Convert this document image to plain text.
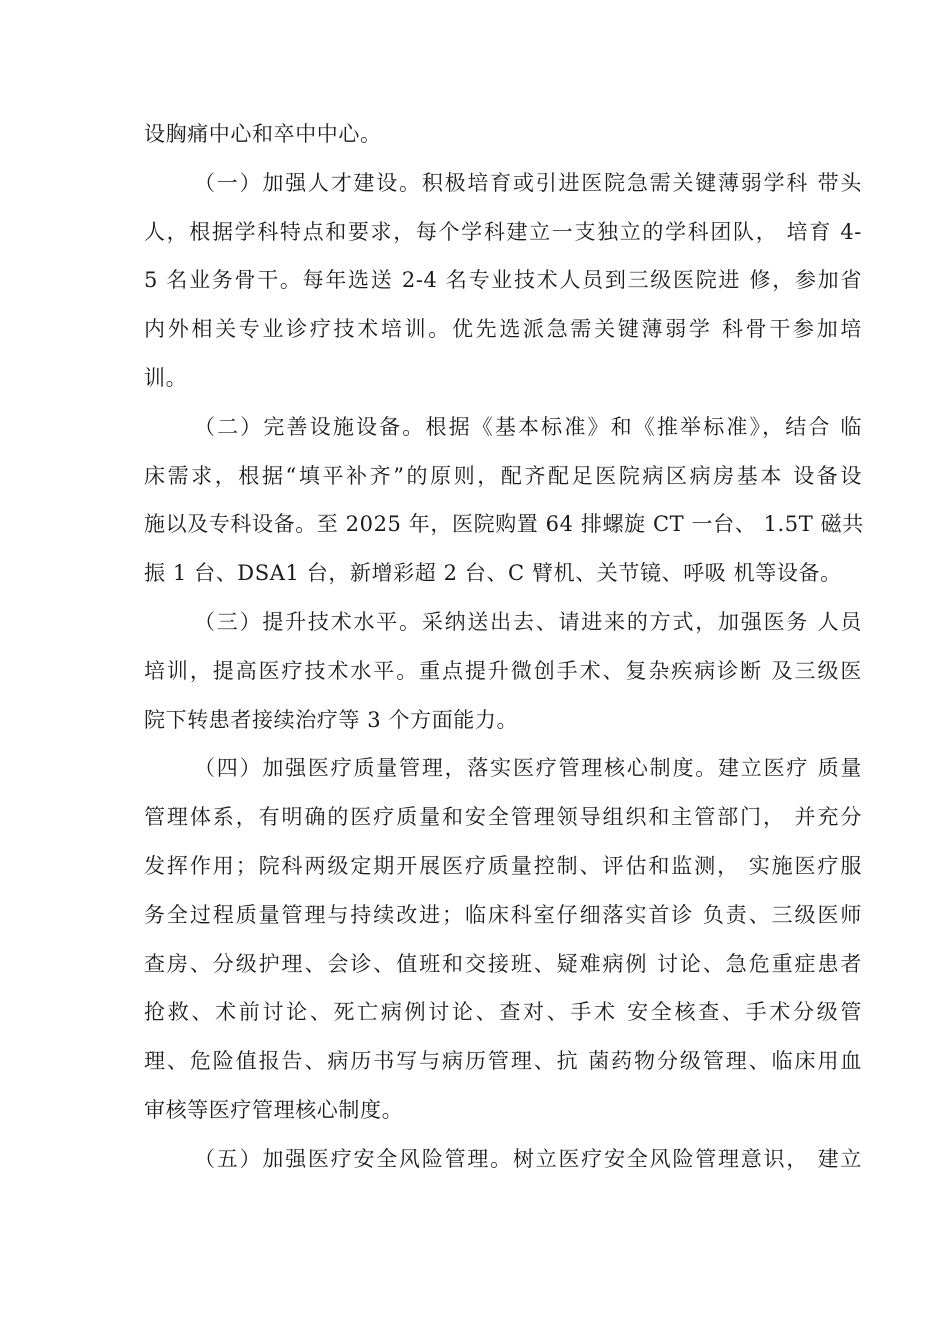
设胸痛中心和卒中中心。
（一）加强人才建设。积极培育或引进医院急需关键薄弱学科 带头
人，根据学科特点和要求，每个学科建立一支独立的学科团队， 培育 4-
5 名业务骨干。每年选送 2-4 名专业技术人员到三级医院进 修，参加省
内外相关专业诊疗技术培训。优先选派急需关键薄弱学 科骨干参加培
训。
（二）完善设施设备。根据《基本标准》和《推举标准》，结合 临
床需求，根据“填平补齐”的原则，配齐配足医院病区病房基本 设备设
施以及专科设备。至 2025 年，医院购置 64 排螺旋 CT 一台、 1.5T 磁共
振 1 台、DSA1 台，新增彩超 2 台、C 臂机、关节镜、呼吸 机等设备。
（三）提升技术水平。采纳送出去、请进来的方式，加强医务 人员
培训，提高医疗技术水平。重点提升微创手术、复杂疾病诊断 及三级医
院下转患者接续治疗等 3 个方面能力。
（四）加强医疗质量管理，落实医疗管理核心制度。建立医疗 质量
管理体系，有明确的医疗质量和安全管理领导组织和主管部门， 并充分
发挥作用；院科两级定期开展医疗质量控制、评估和监测， 实施医疗服
务全过程质量管理与持续改进；临床科室仔细落实首诊 负责、三级医师
查房、分级护理、会诊、值班和交接班、疑难病例 讨论、急危重症患者
抢救、术前讨论、死亡病例讨论、查对、手术 安全核查、手术分级管
理、危险值报告、病历书写与病历管理、抗 菌药物分级管理、临床用血
审核等医疗管理核心制度。
（五）加强医疗安全风险管理。树立医疗安全风险管理意识， 建立
